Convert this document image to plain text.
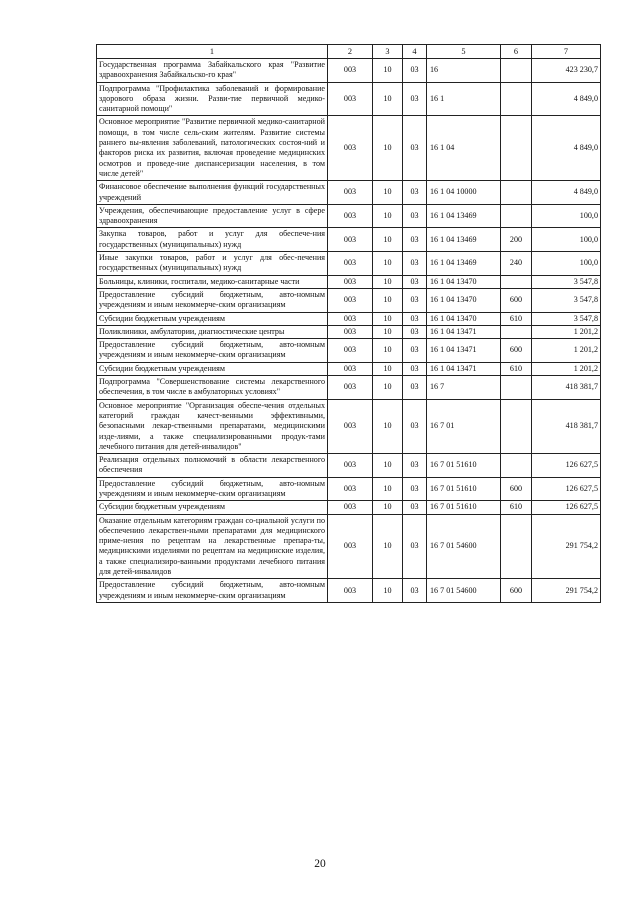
1	2	3	4	5	6	7
Государственная программа Забайкальского края "Развитие здравоохранения Забайкальско-го края"	003	10	03	16		423 230,7
Подпрограмма "Профилактика заболеваний и формирование здорового образа жизни. Разви-тие первичной медико-санитарной помощи"	003	10	03	16 1		4 849,0
Основное мероприятие "Развитие первичной медико-санитарной помощи, в том числе сель-ским жителям. Развитие системы раннего вы-явления заболеваний, патологических состоя-ний и факторов риска их развития, включая проведение медицинских осмотров и проведе-ние диспансеризации населения, в том числе детей"	003	10	03	16 1 04		4 849,0
Финансовое обеспечение выполнения функций государственных учреждений	003	10	03	16 1 04 10000		4 849,0
Учреждения, обеспечивающие предоставление услуг в сфере здравоохранения	003	10	03	16 1 04 13469		100,0
Закупка товаров, работ и услуг для обеспече-ния государственных (муниципальных) нужд	003	10	03	16 1 04 13469	200	100,0
Иные закупки товаров, работ и услуг для обес-печения государственных (муниципальных) нужд	003	10	03	16 1 04 13469	240	100,0
Больницы, клиники, госпитали, медико-санитарные части	003	10	03	16 1 04 13470		3 547,8
Предоставление субсидий бюджетным, авто-номным учреждениям и иным некоммерче-ским организациям	003	10	03	16 1 04 13470	600	3 547,8
Субсидии бюджетным учреждениям	003	10	03	16 1 04 13470	610	3 547,8
Поликлиники, амбулатории, диагностические центры	003	10	03	16 1 04 13471		1 201,2
Предоставление субсидий бюджетным, авто-номным учреждениям и иным некоммерче-ским организациям	003	10	03	16 1 04 13471	600	1 201,2
Субсидии бюджетным учреждениям	003	10	03	16 1 04 13471	610	1 201,2
Подпрограмма "Совершенствование системы лекарственного обеспечения, в том числе в амбулаторных условиях"	003	10	03	16 7		418 381,7
Основное мероприятие "Организация обеспе-чения отдельных категорий граждан качест-венными эффективными, безопасными лекар-ственными препаратами, медицинскими изде-лиями, а также специализированными продук-тами лечебного питания для детей-инвалидов"	003	10	03	16 7 01		418 381,7
Реализация отдельных полномочий в области лекарственного обеспечения	003	10	03	16 7 01 51610		126 627,5
Предоставление субсидий бюджетным, авто-номным учреждениям и иным некоммерче-ским организациям	003	10	03	16 7 01 51610	600	126 627,5
Субсидии бюджетным учреждениям	003	10	03	16 7 01 51610	610	126 627,5
Оказание отдельным категориям граждан со-циальной услуги по обеспечению лекарствен-ными препаратами для медицинского приме-нения по рецептам на лекарственные препара-ты, медицинскими изделиями по рецептам на медицинские изделия, а также специализиро-ванными продуктами лечебного питания для детей-инвалидов	003	10	03	16 7 01 54600		291 754,2
Предоставление субсидий бюджетным, авто-номным учреждениям и иным некоммерче-ским организациям	003	10	03	16 7 01 54600	600	291 754,2
20
